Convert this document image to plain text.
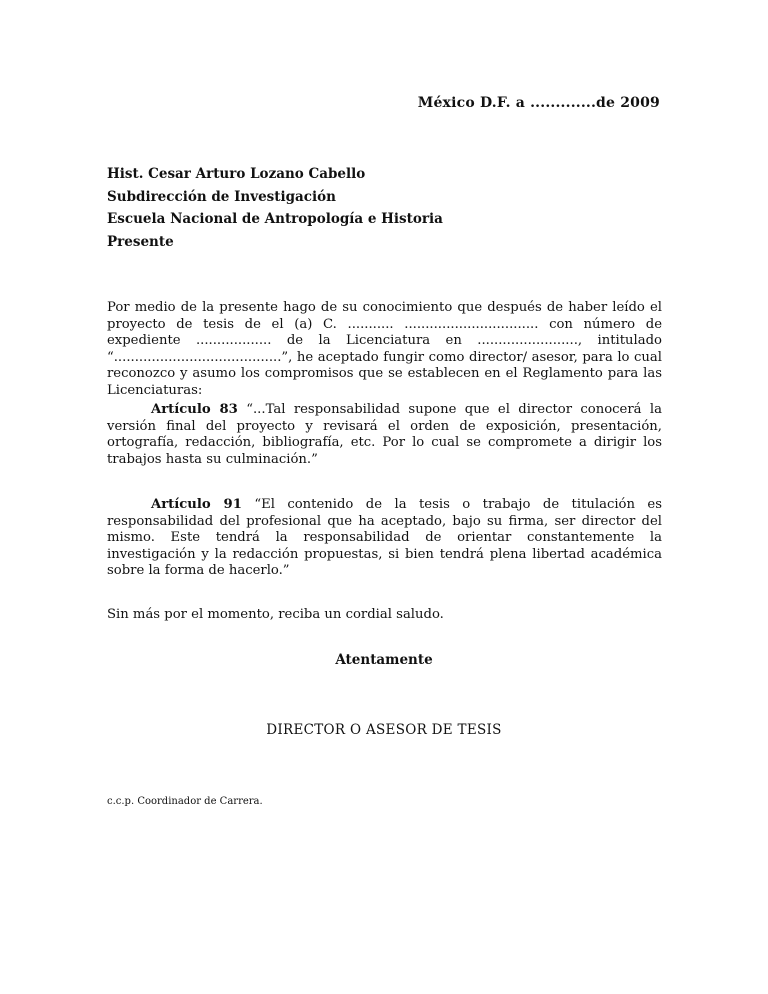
México D.F. a .............de 2009
Hist. Cesar Arturo Lozano Cabello
Subdirección de Investigación
Escuela Nacional de Antropología e Historia
Presente
Por medio de la presente hago de su conocimiento que después de haber leído el proyecto de tesis de el (a) C. ........... ................................ con número de expediente .................. de la Licenciatura en ........................, intitulado “........................................”, he aceptado fungir como director/ asesor, para lo cual reconozco y asumo los compromisos que se establecen en el Reglamento para las Licenciaturas:
Artículo 83 “...Tal responsabilidad supone que el director conocerá la versión final del proyecto y revisará el orden de exposición, presentación, ortografía, redacción, bibliografía, etc. Por lo cual se compromete a dirigir los trabajos hasta su culminación.”
Artículo 91 “El contenido de la tesis o trabajo de titulación es responsabilidad del profesional que ha aceptado, bajo su firma, ser director del mismo. Este tendrá la responsabilidad de orientar constantemente la investigación y la redacción propuestas, si bien tendrá plena libertad académica sobre la forma de hacerlo.”
Sin más por el momento, reciba un cordial saludo.
Atentamente
DIRECTOR O ASESOR DE TESIS
c.c.p. Coordinador de Carrera.
